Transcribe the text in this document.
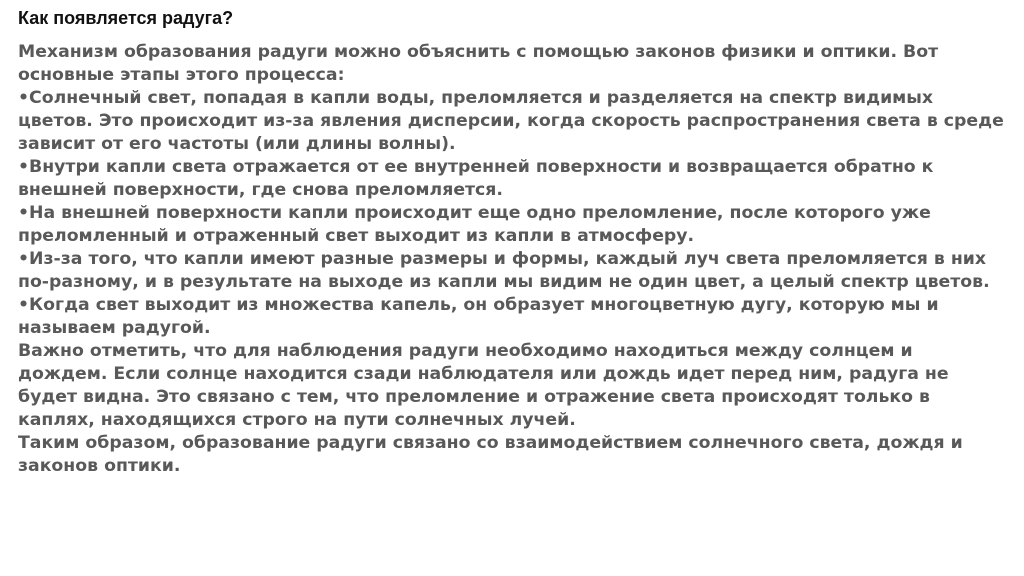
Как появляется радуга?

Механизм образования радуги можно объяснить с помощью законов физики и оптики. Вот основные этапы этого процесса:

•Солнечный свет, попадая в капли воды, преломляется и разделяется на спектр видимых цветов. Это происходит из-за явления дисперсии, когда скорость распространения света в среде зависит от его частоты (или длины волны).

•Внутри капли света отражается от ее внутренней поверхности и возвращается обратно к внешней поверхности, где снова преломляется.

•На внешней поверхности капли происходит еще одно преломление, после которого уже преломленный и отраженный свет выходит из капли в атмосферу.

•Из-за того, что капли имеют разные размеры и формы, каждый луч света преломляется в них по-разному, и в результате на выходе из капли мы видим не один цвет, а целый спектр цветов.

•Когда свет выходит из множества капель, он образует многоцветную дугу, которую мы и называем радугой.

Важно отметить, что для наблюдения радуги необходимо находиться между солнцем и дождем. Если солнце находится сзади наблюдателя или дождь идет перед ним, радуга не будет видна. Это связано с тем, что преломление и отражение света происходят только в каплях, находящихся строго на пути солнечных лучей.

Таким образом, образование радуги связано со взаимодействием солнечного света, дождя и законов оптики.
